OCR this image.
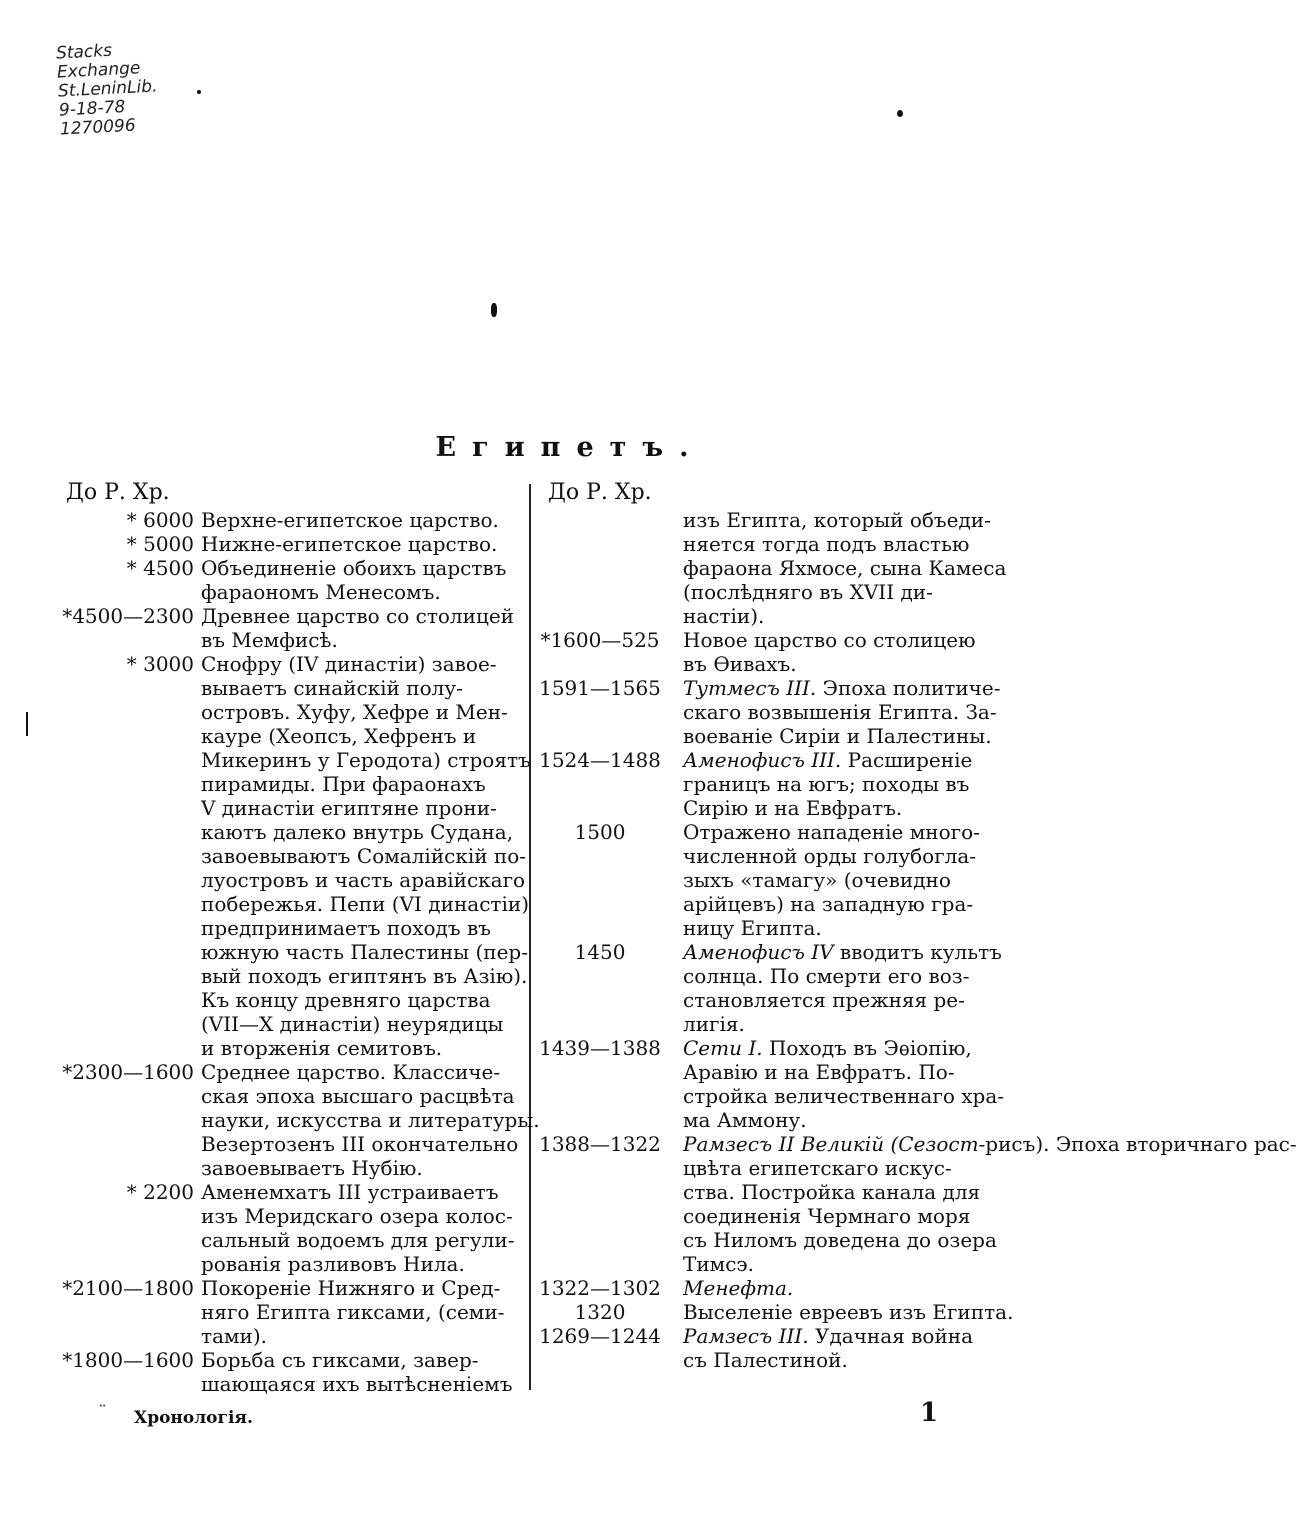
Stacks
Exchange
St.LeninLib.
9-18-78
1270096
Египетъ.
До Р. Хр.	До Р. Хр.
* 6000 Верхне-египетское царство.
* 5000 Нижне-египетское царство.
* 4500 Объединеніе обоихъ царствъ
фараономъ Менесомъ.
*4500—2300 Древнее царство со столицей
въ Мемфисѣ.
* 3000 Снофру (IV династіи) завое-
вываетъ синайскій полу-
островъ. Хуфу, Хефре и Мен-
кауре (Хеопсъ, Хефренъ и
Микеринъ у Геродота) строятъ
пирамиды. При фараонахъ
V династіи египтяне прони-
каютъ далеко внутрь Судана,
завоевываютъ Сомалійскій по-
луостровъ и часть аравійскаго
побережья. Пепи (VI династіи)
предпринимаетъ походъ въ
южную часть Палестины (пер-
вый походъ египтянъ въ Азію).
Къ концу древняго царства
(VII—X династіи) неурядицы
и вторженія семитовъ.
*2300—1600 Среднее царство. Классиче-
ская эпоха высшаго расцвѣта
науки, искусства и литературы.
Везертозенъ III окончательно
завоевываетъ Нубію.
* 2200 Аменемхатъ III устраиваетъ
изъ Меридскаго озера колос-
сальный водоемъ для регули-
рованія разливовъ Нила.
*2100—1800 Покореніе Нижняго и Сред-
няго Египта гиксами, (семи-
тами).
*1800—1600 Борьба съ гиксами, завер-
шающаяся ихъ вытѣсненіемъ
изъ Египта, который объеди-
няется тогда подъ властью
фараона Яхмосе, сына Камеса
(послѣдняго въ XVII ди-
настіи).
*1600—525 Новое царство со столицею
въ Ѳивахъ.
1591—1565 Тутмесъ III. Эпоха политиче-
скаго возвышенія Египта. За-
воеваніе Сиріи и Палестины.
1524—1488 Аменофисъ III. Расширеніе
границъ на югъ; походы въ
Сирію и на Евфратъ.
1500	Отражено нападеніе много-
численной орды голубогла-
зыхъ «тамагу» (очевидно
арійцевъ) на западную гра-
ницу Египта.
1450	Аменофисъ IV вводитъ культъ
солнца. По смерти его воз-
становляется прежняя ре-
лигія.
1439—1388 Сети I. Походъ въ Эѳіопію,
Аравію и на Евфратъ. По-
стройка величественнаго хра-
ма Аммону.
1388—1322 Рамзесъ II Великій (Сезост-рисъ). Эпоха вторичнаго рас-
цвѣта египетскаго искус-
ства. Постройка канала для
соединенія Чермнаго моря
съ Ниломъ доведена до озера
Тимсэ.
1322—1302 Менефта.
1320	Выселеніе евреевъ изъ Египта.
1269—1244 Рамзесъ III. Удачная война
съ Палестиной.
¨ Хронологія.	1
